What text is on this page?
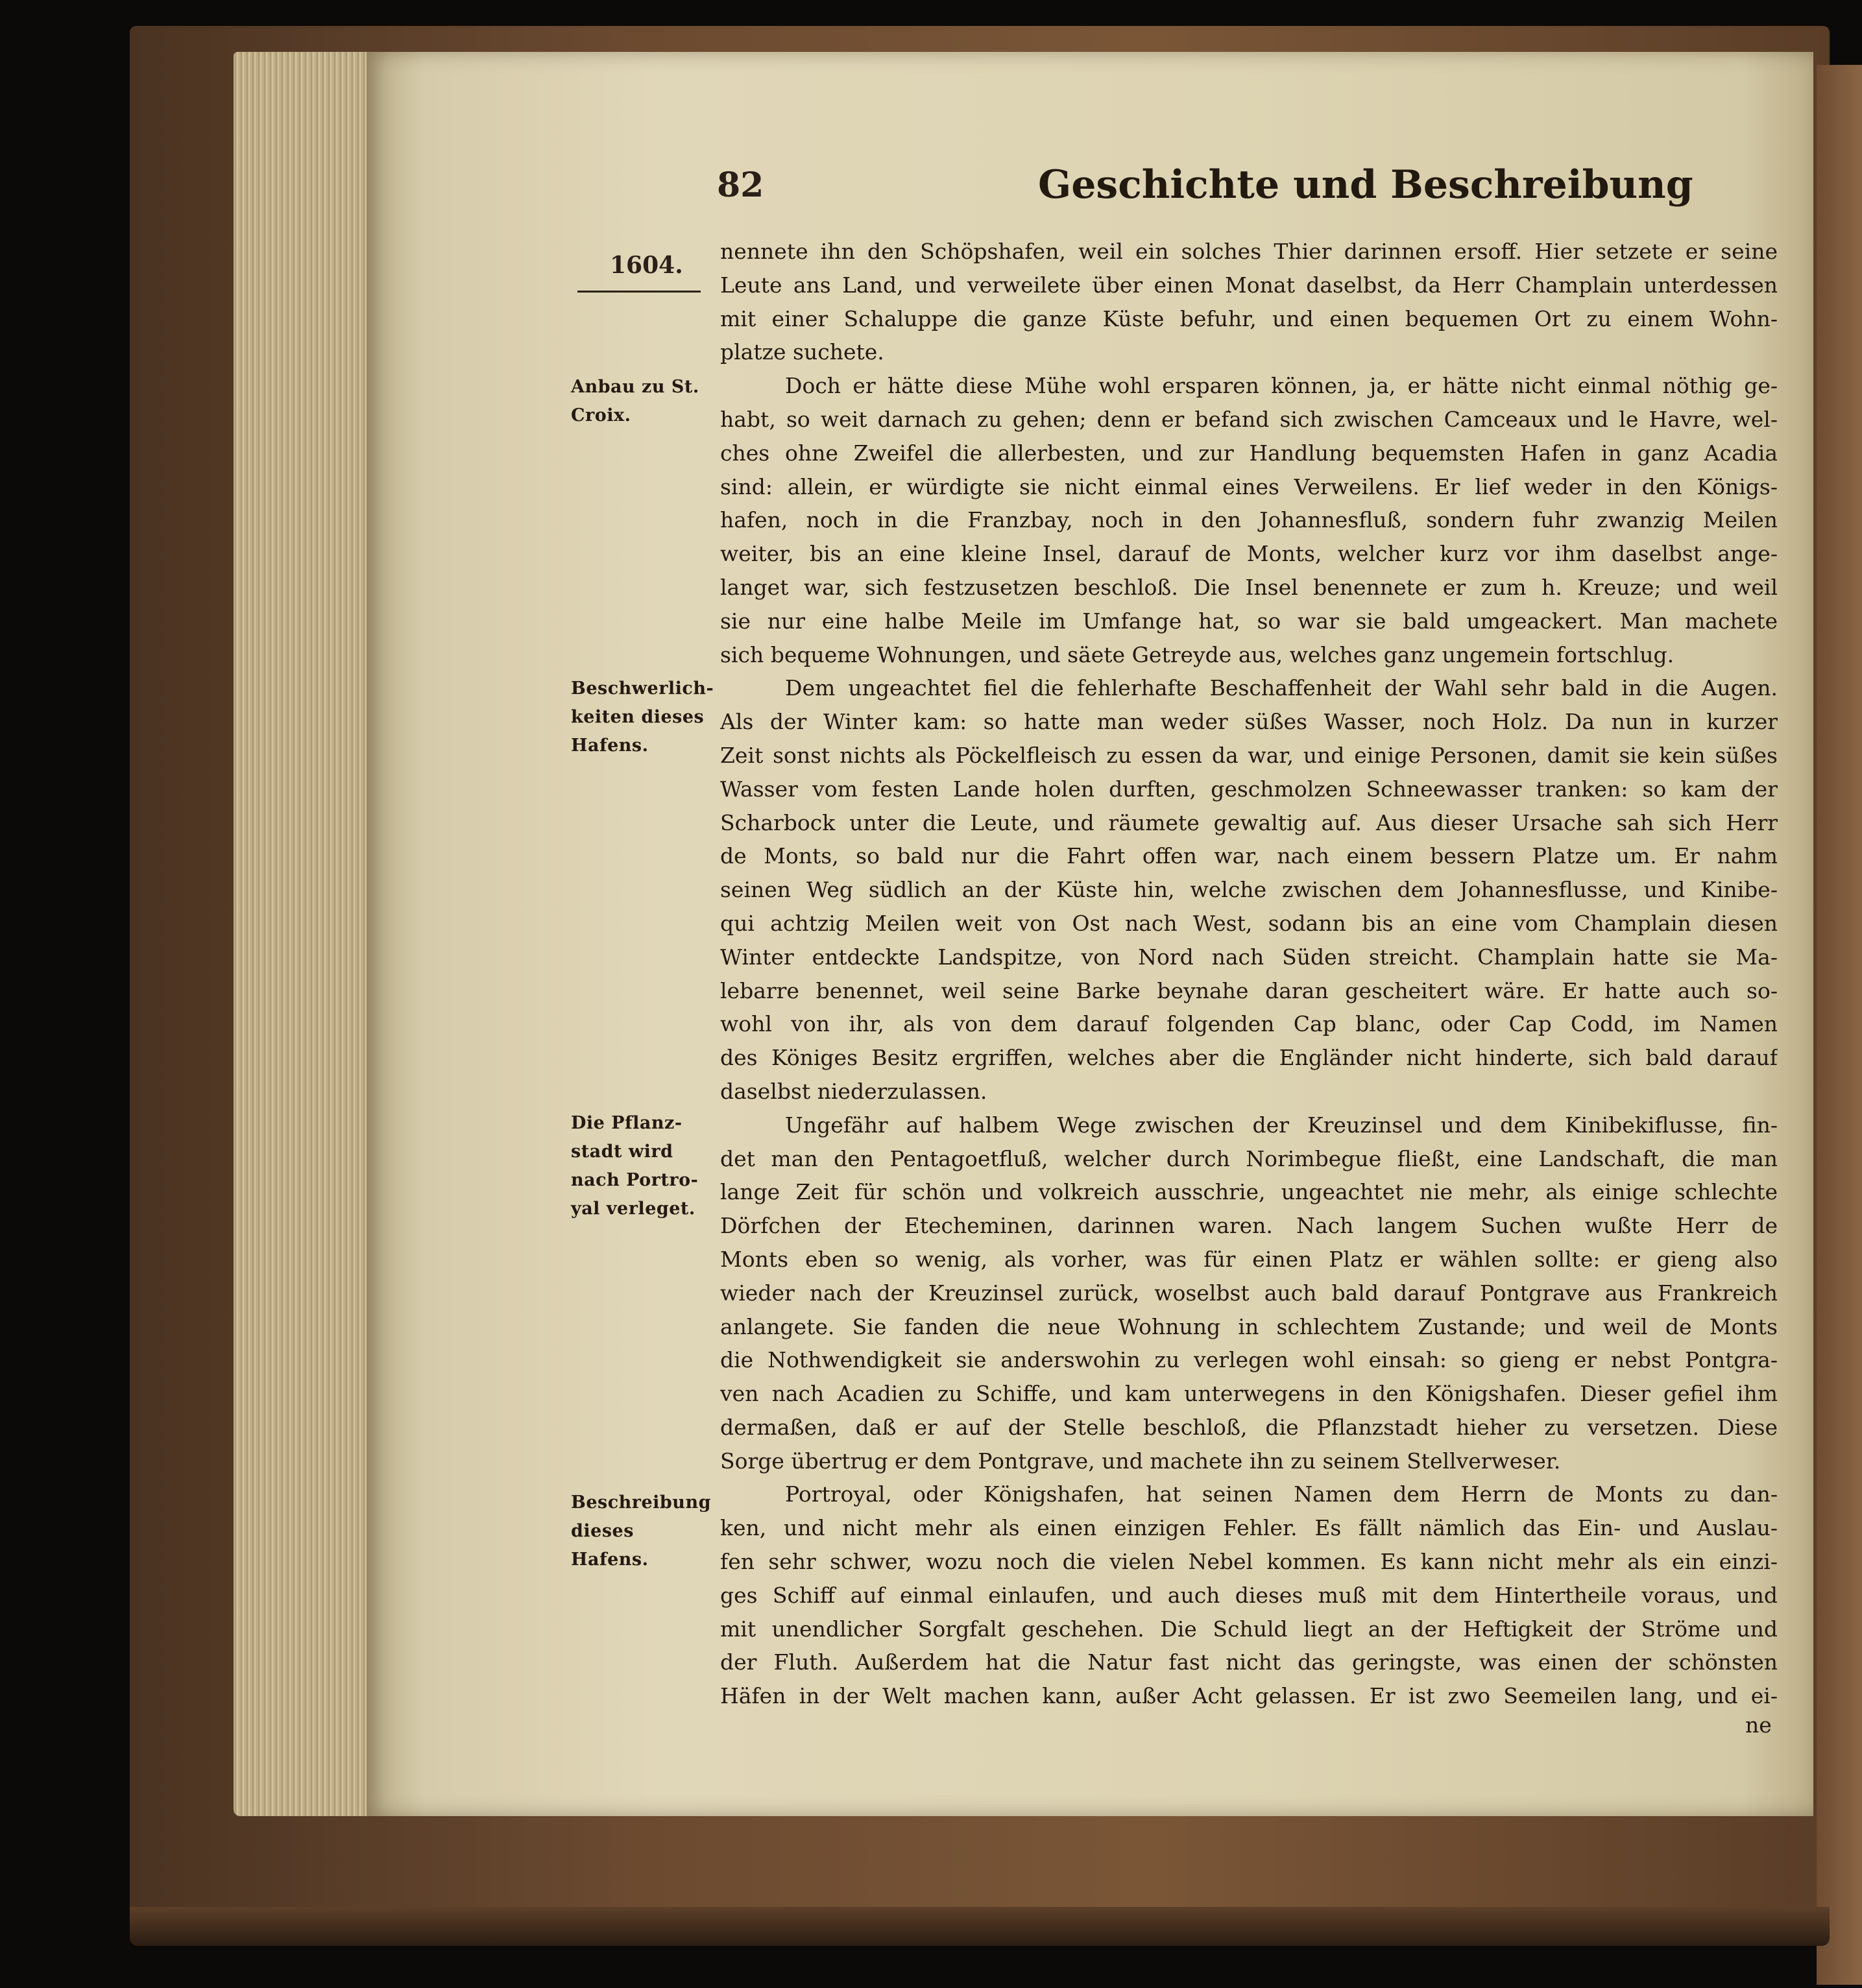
82	Geschichte und Beschreibung
1604.
Anbau zu St.
Croix.
Beschwerlich-
keiten dieses
Hafens.
Die Pflanz-
stadt wird
nach Portro-
yal verleget.
Beschreibung
dieses Hafens.
nennete ihn den Schöpshafen, weil ein solches Thier darinnen ersoff. Hier setzete er seine
Leute ans Land, und verweilete über einen Monat daselbst, da Herr Champlain unterdessen
mit einer Schaluppe die ganze Küste befuhr, und einen bequemen Ort zu einem Wohn-
platze suchete.
Doch er hätte diese Mühe wohl ersparen können, ja, er hätte nicht einmal nöthig ge-
habt, so weit darnach zu gehen; denn er befand sich zwischen Camceaux und le Havre, wel-
ches ohne Zweifel die allerbesten, und zur Handlung bequemsten Hafen in ganz Acadia
sind: allein, er würdigte sie nicht einmal eines Verweilens. Er lief weder in den Königs-
hafen, noch in die Franzbay, noch in den Johannesfluß, sondern fuhr zwanzig Meilen
weiter, bis an eine kleine Insel, darauf de Monts, welcher kurz vor ihm daselbst ange-
langet war, sich festzusetzen beschloß. Die Insel benennete er zum h. Kreuze; und weil
sie nur eine halbe Meile im Umfange hat, so war sie bald umgeackert. Man machete
sich bequeme Wohnungen, und säete Getreyde aus, welches ganz ungemein fortschlug.
Dem ungeachtet fiel die fehlerhafte Beschaffenheit der Wahl sehr bald in die Augen.
Als der Winter kam: so hatte man weder süßes Wasser, noch Holz. Da nun in kurzer
Zeit sonst nichts als Pöckelfleisch zu essen da war, und einige Personen, damit sie kein süßes
Wasser vom festen Lande holen durften, geschmolzen Schneewasser tranken: so kam der
Scharbock unter die Leute, und räumete gewaltig auf. Aus dieser Ursache sah sich Herr
de Monts, so bald nur die Fahrt offen war, nach einem bessern Platze um. Er nahm
seinen Weg südlich an der Küste hin, welche zwischen dem Johannesflusse, und Kinibe-
qui achtzig Meilen weit von Ost nach West, sodann bis an eine vom Champlain diesen
Winter entdeckte Landspitze, von Nord nach Süden streicht. Champlain hatte sie Ma-
lebarre benennet, weil seine Barke beynahe daran gescheitert wäre. Er hatte auch so-
wohl von ihr, als von dem darauf folgenden Cap blanc, oder Cap Codd, im Namen
des Königes Besitz ergriffen, welches aber die Engländer nicht hinderte, sich bald darauf
daselbst niederzulassen.
Ungefähr auf halbem Wege zwischen der Kreuzinsel und dem Kinibekiflusse, fin-
det man den Pentagoetfluß, welcher durch Norimbegue fließt, eine Landschaft, die man
lange Zeit für schön und volkreich ausschrie, ungeachtet nie mehr, als einige schlechte
Dörfchen der Etecheminen, darinnen waren. Nach langem Suchen wußte Herr de
Monts eben so wenig, als vorher, was für einen Platz er wählen sollte: er gieng also
wieder nach der Kreuzinsel zurück, woselbst auch bald darauf Pontgrave aus Frankreich
anlangete. Sie fanden die neue Wohnung in schlechtem Zustande; und weil de Monts
die Nothwendigkeit sie anderswohin zu verlegen wohl einsah: so gieng er nebst Pontgra-
ven nach Acadien zu Schiffe, und kam unterwegens in den Königshafen. Dieser gefiel ihm
dermaßen, daß er auf der Stelle beschloß, die Pflanzstadt hieher zu versetzen. Diese
Sorge übertrug er dem Pontgrave, und machete ihn zu seinem Stellverweser.
Portroyal, oder Königshafen, hat seinen Namen dem Herrn de Monts zu dan-
ken, und nicht mehr als einen einzigen Fehler. Es fällt nämlich das Ein- und Auslau-
fen sehr schwer, wozu noch die vielen Nebel kommen. Es kann nicht mehr als ein einzi-
ges Schiff auf einmal einlaufen, und auch dieses muß mit dem Hintertheile voraus, und
mit unendlicher Sorgfalt geschehen. Die Schuld liegt an der Heftigkeit der Ströme und
der Fluth. Außerdem hat die Natur fast nicht das geringste, was einen der schönsten
Häfen in der Welt machen kann, außer Acht gelassen. Er ist zwo Seemeilen lang, und ei-
ne
